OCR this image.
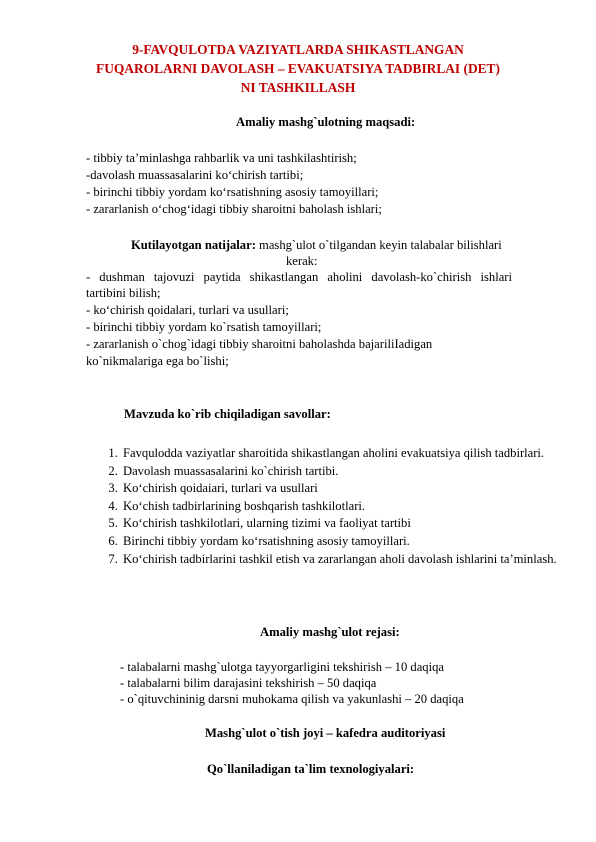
9-FAVQULOTDA VAZIYATLARDA SHIKASTLANGAN
FUQAROLARNI DAVOLASH – EVAKUATSIYA TADBIRLAI (DET)
NI TASHKILLASH
Amaliy mashg`ulotning maqsadi:
- tibbiy ta’minlashga rahbarlik va uni tashkilashtirish;
-davolash muassasalarini ko‘chirish tartibi;
- birinchi tibbiy yordam ko‘rsatishning asosiy tamoyillari;
- zararlanish o‘chog‘idagi tibbiy sharoitni baholash ishlari;
Kutilayotgan natijalar: mashg`ulot o`tilgandan keyin talabalar bilishlari
kerak:
- dushman tajovuzi paytida shikastlangan aholini davolash-ko`chirish ishlari
tartibini bilish;
- ko‘chirish qoidalari, turlari va usullari;
- birinchi tibbiy yordam ko`rsatish tamoyillari;
- zararlanish o`chog`idagi tibbiy sharoitni baholashda bajariliIadigan
ko`nikmalariga ega bo`lishi;
Mavzuda ko`rib chiqiladigan savollar:
1. Favqulodda vaziyatlar sharoitida shikastlangan aholini evakuatsiya qilish tadbirlari.
2. Davolash muassasalarini ko`chirish tartibi.
3. Ko‘chirish qoidaiari, turlari va usullari
4. Ko‘chish tadbirlarining boshqarish tashkilotlari.
5. Ko‘chirish tashkilotlari, ularning tizimi va faoliyat tartibi
6. Birinchi tibbiy yordam ko‘rsatishning asosiy tamoyillari.
7. Ko‘chirish tadbirlarini tashkil etish va zararlangan aholi davolash ishlarini ta’minlash.
Amaliy mashg`ulot rejasi:
- talabalarni mashg`ulotga tayyorgarligini tekshirish – 10 daqiqa
- talabalarni bilim darajasini tekshirish – 50 daqiqa
- o`qituvchininig darsni muhokama qilish va yakunlashi – 20 daqiqa
Mashg`ulot o`tish joyi – kafedra auditoriyasi
Qo`llaniladigan ta`lim texnologiyalari:
